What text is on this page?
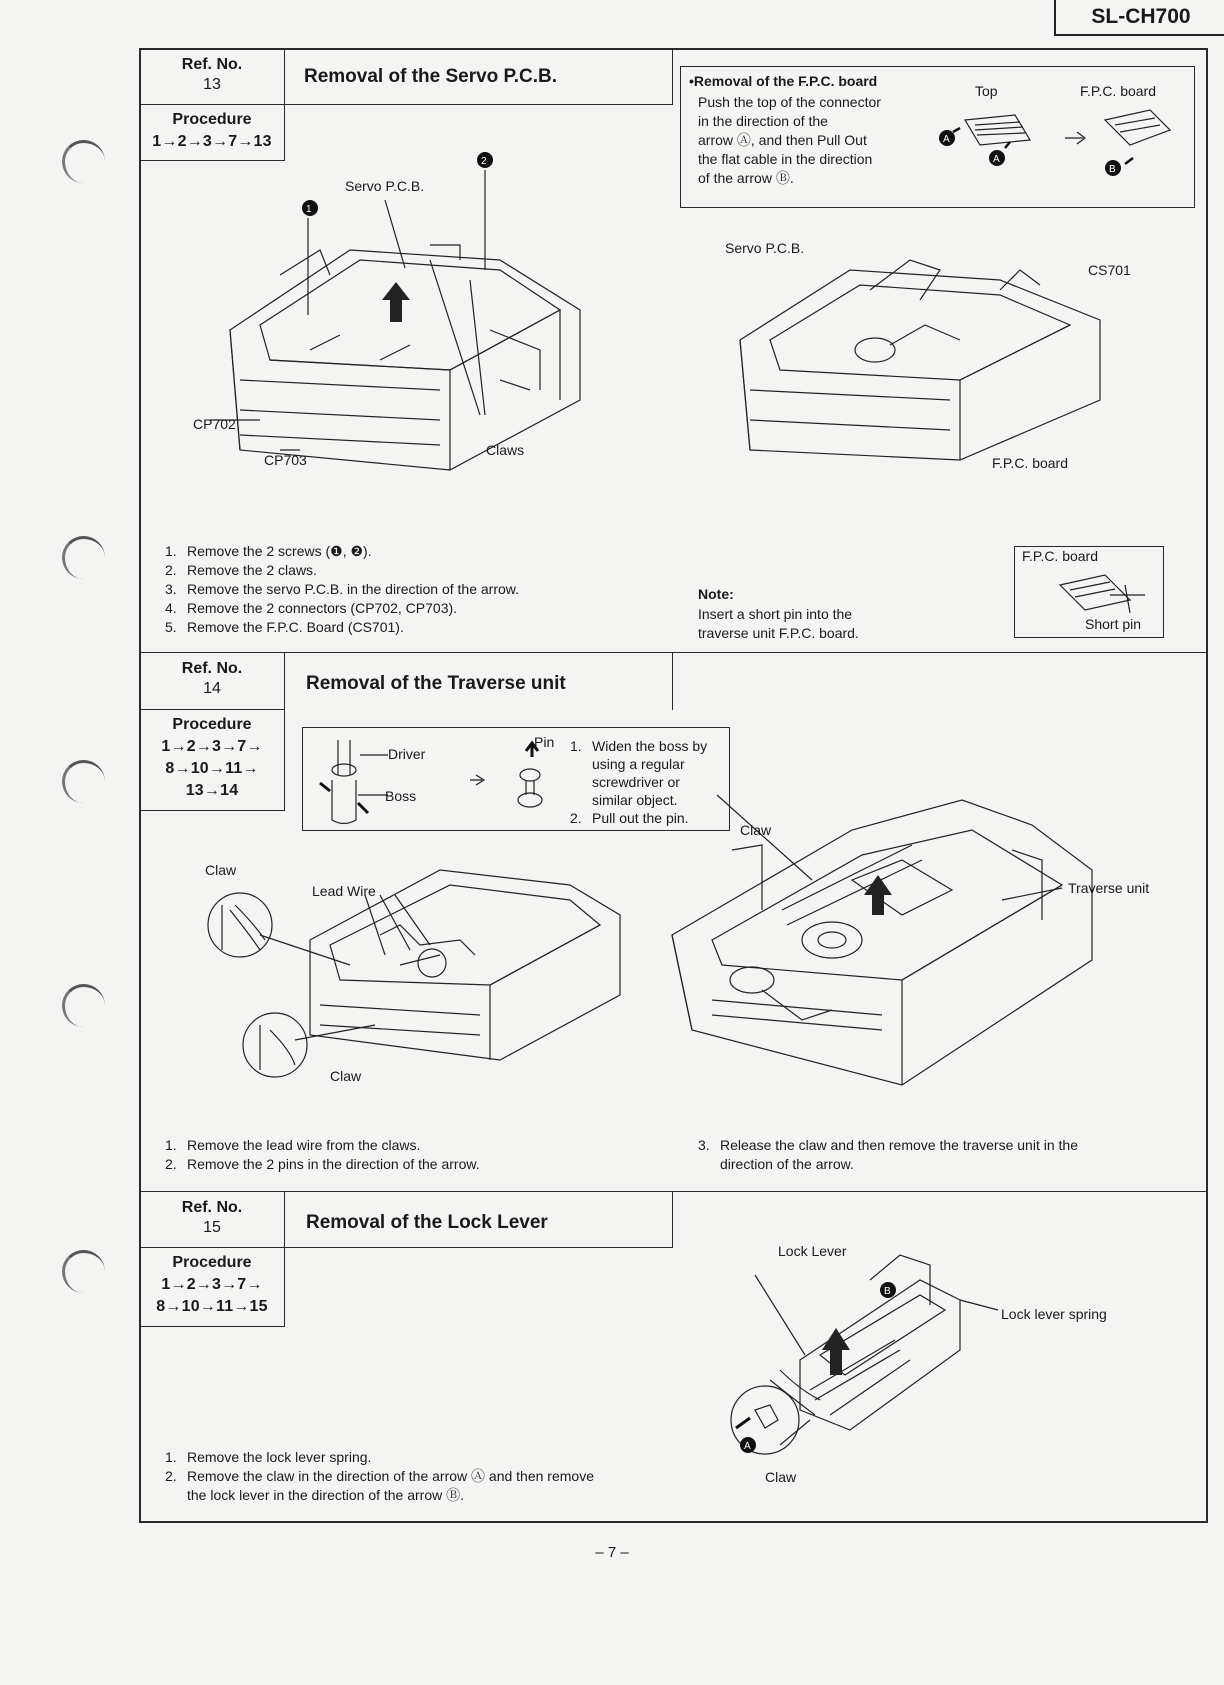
SL-CH700
Ref. No.
13	Removal of the Servo P.C.B.
Procedure
1→2→3→7→13
1
2
Servo P.C.B.
CP702
CP703
Claws
1. Remove the 2 screws (❶, ❷).
2. Remove the 2 claws.
3. Remove the servo P.C.B. in the direction of the arrow.
4. Remove the 2 connectors (CP702, CP703).
5. Remove the F.P.C. Board (CS701).
•Removal of the F.P.C. board
Push the top of the connector
in the direction of the
arrow Ⓐ, and then Pull Out
the flat cable in the direction
of the arrow Ⓑ.
Top	F.P.C. board
A
A
B
Servo P.C.B.
CS701
F.P.C. board
Note:
Insert a short pin into the
traverse unit F.P.C. board.
F.P.C. board
Short pin
Ref. No.
14	Removal of the Traverse unit
Procedure
1→2→3→7→
8→10→11→
13→14
Driver
Boss
Pin 1. Widen the boss by
using a regular
screwdriver or
similar object.
2. Pull out the pin.
Claw
Lead Wire
Claw
Claw
Traverse unit
1. Remove the lead wire from the claws.
2. Remove the 2 pins in the direction of the arrow.
3. Release the claw and then remove the traverse unit in the
direction of the arrow.
Ref. No.
15	Removal of the Lock Lever
Procedure
1→2→3→7→
8→10→11→15
B
A
Lock Lever
Lock lever spring
Claw
1. Remove the lock lever spring.
2. Remove the claw in the direction of the arrow Ⓐ and then remove
the lock lever in the direction of the arrow Ⓑ.
– 7 –
